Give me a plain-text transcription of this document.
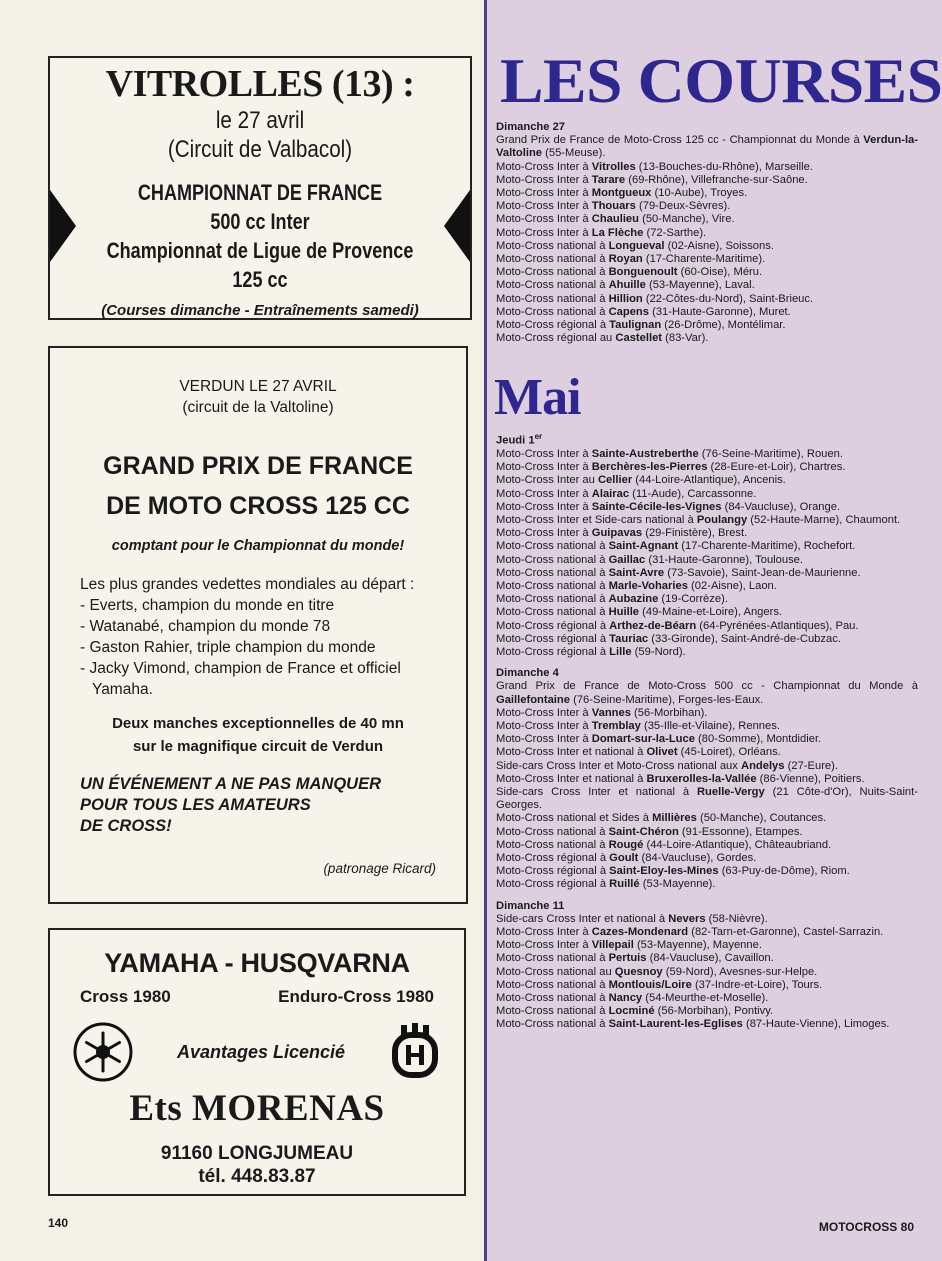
VITROLLES (13) :
le 27 avril
(Circuit de Valbacol)
CHAMPIONNAT DE FRANCE
500 cc Inter
Championnat de Ligue de Provence
125 cc
(Courses dimanche - Entraînements samedi)
VERDUN LE 27 AVRIL
(circuit de la Valtoline)
GRAND PRIX DE FRANCE
DE MOTO CROSS 125 CC
comptant pour le Championnat du monde!
Les plus grandes vedettes mondiales au départ :
- Everts, champion du monde en titre
- Watanabé, champion du monde 78
- Gaston Rahier, triple champion du monde
- Jacky Vimond, champion de France et officiel Yamaha.
Deux manches exceptionnelles de 40 mn
sur le magnifique circuit de Verdun
UN ÉVÉNEMENT A NE PAS MANQUER
POUR TOUS LES AMATEURS
DE CROSS!
(patronage Ricard)
YAMAHA - HUSQVARNA
Cross 1980	Enduro-Cross 1980
Avantages Licencié
Ets MORENAS
91160 LONGJUMEAU
tél. 448.83.87
LES COURSES
Dimanche 27
Grand Prix de France de Moto-Cross 125 cc - Championnat du Monde à Verdun-la-Valtoline (55-Meuse).
Moto-Cross Inter à Vitrolles (13-Bouches-du-Rhône), Marseille.
Moto-Cross Inter à Tarare (69-Rhône), Villefranche-sur-Saône.
Moto-Cross Inter à Montgueux (10-Aube), Troyes.
Moto-Cross Inter à Thouars (79-Deux-Sèvres).
Moto-Cross Inter à Chaulieu (50-Manche), Vire.
Moto-Cross Inter à La Flèche (72-Sarthe).
Moto-Cross national à Longueval (02-Aisne), Soissons.
Moto-Cross national à Royan (17-Charente-Maritime).
Moto-Cross national à Bonguenoult (60-Oise), Méru.
Moto-Cross national à Ahuille (53-Mayenne), Laval.
Moto-Cross national à Hillion (22-Côtes-du-Nord), Saint-Brieuc.
Moto-Cross national à Capens (31-Haute-Garonne), Muret.
Moto-Cross régional à Taulignan (26-Drôme), Montélimar.
Moto-Cross régional au Castellet (83-Var).
Mai
Jeudi 1er
Moto-Cross Inter à Sainte-Austreberthe (76-Seine-Maritime), Rouen.
Moto-Cross Inter à Berchères-les-Pierres (28-Eure-et-Loir), Chartres.
Moto-Cross Inter au Cellier (44-Loire-Atlantique), Ancenis.
Moto-Cross Inter à Alairac (11-Aude), Carcassonne.
Moto-Cross Inter à Sainte-Cécile-les-Vignes (84-Vaucluse), Orange.
Moto-Cross Inter et Side-cars national à Poulangy (52-Haute-Marne), Chaumont.
Moto-Cross Inter à Guipavas (29-Finistère), Brest.
Moto-Cross national à Saint-Agnant (17-Charente-Maritime), Rochefort.
Moto-Cross national à Gaillac (31-Haute-Garonne), Toulouse.
Moto-Cross national à Saint-Avre (73-Savoie), Saint-Jean-de-Maurienne.
Moto-Cross national à Marle-Voharies (02-Aisne), Laon.
Moto-Cross national à Aubazine (19-Corrèze).
Moto-Cross national à Huille (49-Maine-et-Loire), Angers.
Moto-Cross régional à Arthez-de-Béarn (64-Pyrénées-Atlantiques), Pau.
Moto-Cross régional à Tauriac (33-Gironde), Saint-André-de-Cubzac.
Moto-Cross régional à Lille (59-Nord).
Dimanche 4
Grand Prix de France de Moto-Cross 500 cc - Championnat du Monde à Gaillefontaine (76-Seine-Maritime), Forges-les-Eaux.
Moto-Cross Inter à Vannes (56-Morbihan).
Moto-Cross Inter à Tremblay (35-Ille-et-Vilaine), Rennes.
Moto-Cross Inter à Domart-sur-la-Luce (80-Somme), Montdidier.
Moto-Cross Inter et national à Olivet (45-Loiret), Orléans.
Side-cars Cross Inter et Moto-Cross national aux Andelys (27-Eure).
Moto-Cross Inter et national à Bruxerolles-la-Vallée (86-Vienne), Poitiers.
Side-cars Cross Inter et national à Ruelle-Vergy (21 Côte-d'Or), Nuits-Saint-Georges.
Moto-Cross national et Sides à Millières (50-Manche), Coutances.
Moto-Cross national à Saint-Chéron (91-Essonne), Etampes.
Moto-Cross national à Rougé (44-Loire-Atlantique), Châteaubriand.
Moto-Cross régional à Goult (84-Vaucluse), Gordes.
Moto-Cross régional à Saint-Eloy-les-Mines (63-Puy-de-Dôme), Riom.
Moto-Cross régional à Ruillé (53-Mayenne).
Dimanche 11
Side-cars Cross Inter et national à Nevers (58-Nièvre).
Moto-Cross Inter à Cazes-Mondenard (82-Tarn-et-Garonne), Castel-Sarrazin.
Moto-Cross Inter à Villepail (53-Mayenne), Mayenne.
Moto-Cross national à Pertuis (84-Vaucluse), Cavaillon.
Moto-Cross national au Quesnoy (59-Nord), Avesnes-sur-Helpe.
Moto-Cross national à Montlouis/Loire (37-Indre-et-Loire), Tours.
Moto-Cross national à Nancy (54-Meurthe-et-Moselle).
Moto-Cross national à Locminé (56-Morbihan), Pontivy.
Moto-Cross national à Saint-Laurent-les-Eglises (87-Haute-Vienne), Limoges.
140	MOTOCROSS 80
